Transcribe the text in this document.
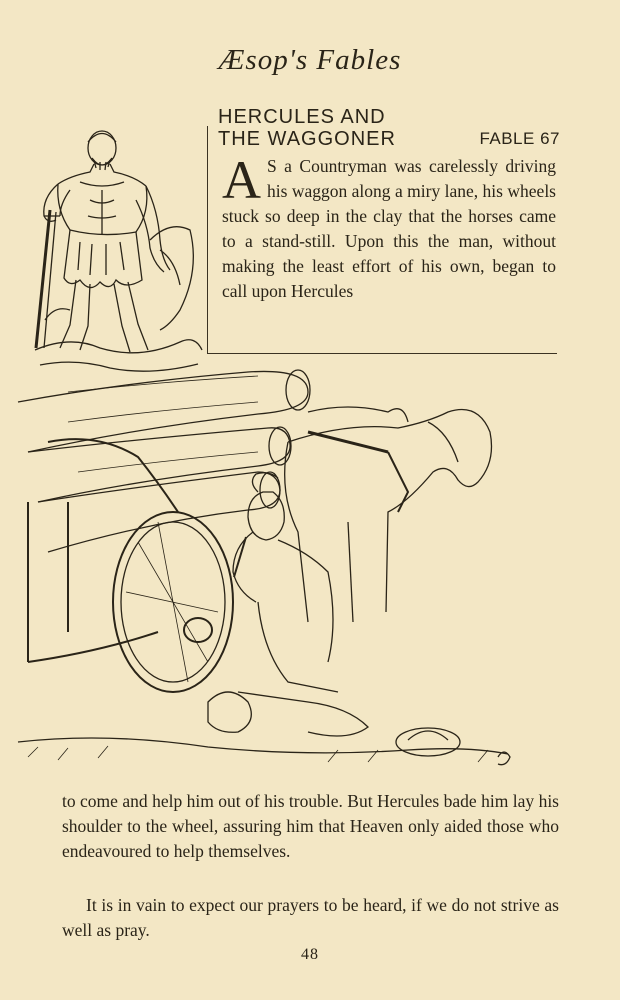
Æsop's Fables
HERCULES AND
THE WAGGONER	FABLE 67

A S a Countryman was carelessly driving his waggon along a miry lane, his wheels stuck so deep in the clay that the horses came to a stand-still. Upon this the man, without making the least effort of his own, began to call upon Hercules

to come and help him out of his trouble. But Hercules bade him lay his shoulder to the wheel, assuring him that Heaven only aided those who endeavoured to help themselves.

It is in vain to expect our prayers to be heard, if we do not strive as well as pray.

48
